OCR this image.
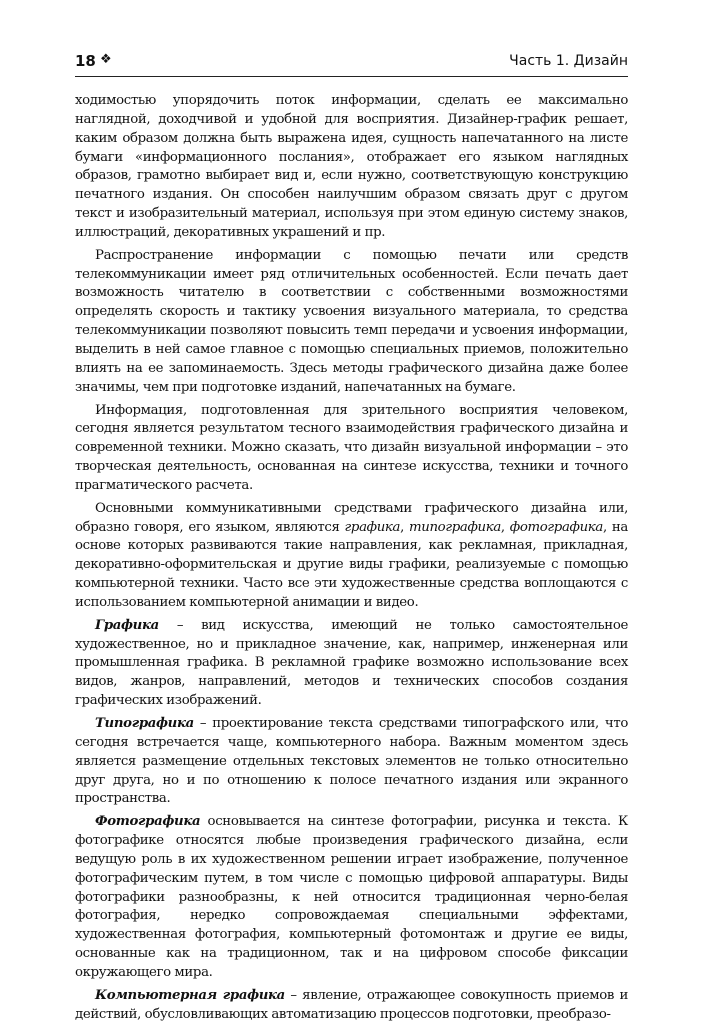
18 ❖	Часть 1. Дизайн

ходимостью упорядочить поток информации, сделать ее максимально наглядной, доходчивой и удобной для восприятия. Дизайнер-график решает, каким образом должна быть выражена идея, сущность напечатанного на листе бумаги «информационного послания», отображает его языком наглядных образов, грамотно выбирает вид и, если нужно, соответствующую конструкцию печатного издания. Он способен наилучшим образом связать друг с другом текст и изобразительный материал, используя при этом единую систему знаков, иллюстраций, декоративных украшений и пр.

Распространение информации с помощью печати или средств телекоммуникации имеет ряд отличительных особенностей. Если печать дает возможность читателю в соответствии с собственными возможностями определять скорость и тактику усвоения визуального материала, то средства телекоммуникации позволяют повысить темп передачи и усвоения информации, выделить в ней самое главное с помощью специальных приемов, положительно влиять на ее запоминаемость. Здесь методы графического дизайна даже более значимы, чем при подготовке изданий, напечатанных на бумаге.

Информация, подготовленная для зрительного восприятия человеком, сегодня является результатом тесного взаимодействия графического дизайна и современной техники. Можно сказать, что дизайн визуальной информации – это творческая деятельность, основанная на синтезе искусства, техники и точного прагматического расчета.

Основными коммуникативными средствами графического дизайна или, образно говоря, его языком, являются графика, типографика, фотографика, на основе которых развиваются такие направления, как рекламная, прикладная, декоративно-оформительская и другие виды графики, реализуемые с помощью компьютерной техники. Часто все эти художественные средства воплощаются с использованием компьютерной анимации и видео.

Графика – вид искусства, имеющий не только самостоятельное художественное, но и прикладное значение, как, например, инженерная или промышленная графика. В рекламной графике возможно использование всех видов, жанров, направлений, методов и технических способов создания графических изображений.

Типографика – проектирование текста средствами типографского или, что сегодня встречается чаще, компьютерного набора. Важным моментом здесь является размещение отдельных текстовых элементов не только относительно друг друга, но и по отношению к полосе печатного издания или экранного пространства.

Фотографика основывается на синтезе фотографии, рисунка и текста. К фотографике относятся любые произведения графического дизайна, если ведущую роль в их художественном решении играет изображение, полученное фотографическим путем, в том числе с помощью цифровой аппаратуры. Виды фотографики разнообразны, к ней относится традиционная черно-белая фотография, нередко сопровождаемая специальными эффектами, художественная фотография, компьютерный фотомонтаж и другие ее виды, основанные как на традиционном, так и на цифровом способе фиксации окружающего мира.

Компьютерная графика – явление, отражающее совокупность приемов и действий, обусловливающих автоматизацию процессов подготовки, преобразо-
